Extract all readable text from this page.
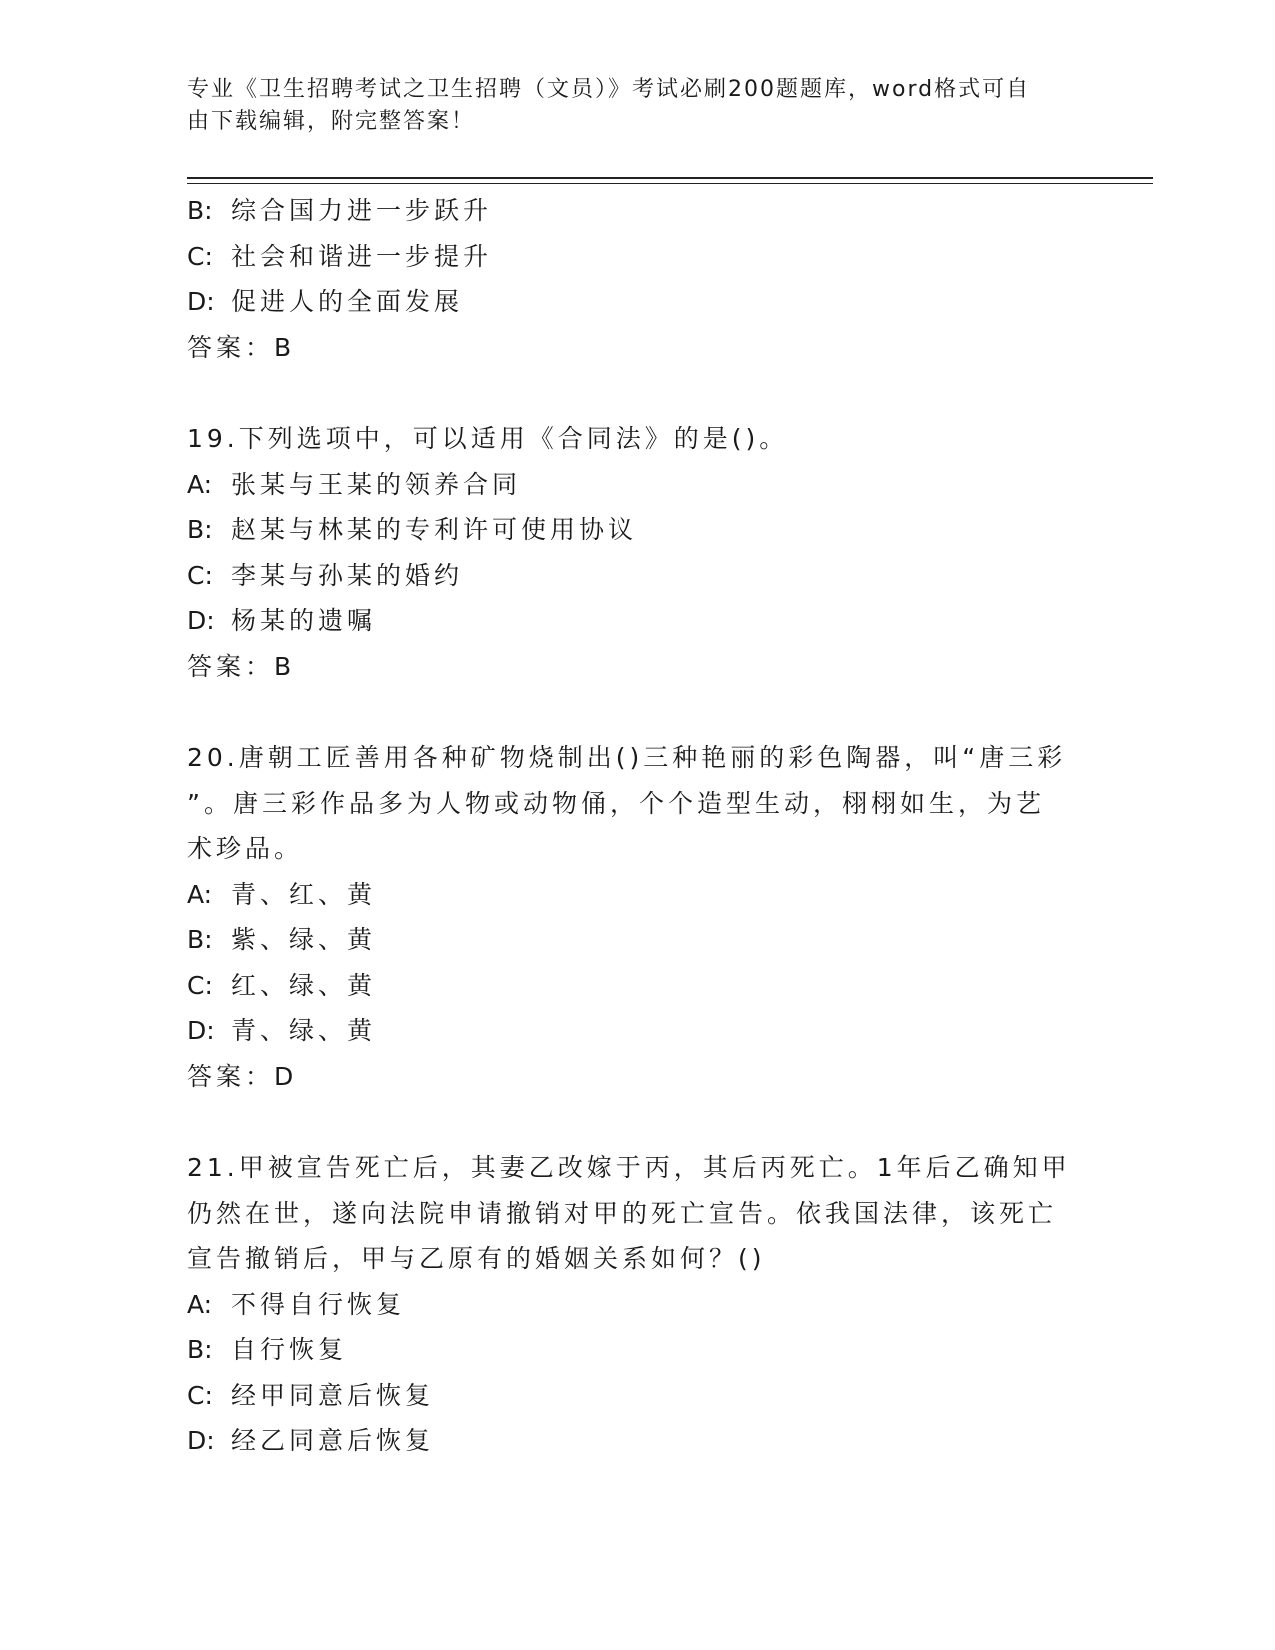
专业《卫生招聘考试之卫生招聘（文员）》考试必刷200题题库，word格式可自
由下载编辑，附完整答案！
B: 综合国力进一步跃升
C: 社会和谐进一步提升
D: 促进人的全面发展
答案：B
19.下列选项中，可以适用《合同法》的是()。
A: 张某与王某的领养合同
B: 赵某与林某的专利许可使用协议
C: 李某与孙某的婚约
D: 杨某的遗嘱
答案：B
20.唐朝工匠善用各种矿物烧制出()三种艳丽的彩色陶器，叫“唐三彩
”。唐三彩作品多为人物或动物俑，个个造型生动，栩栩如生，为艺
术珍品。
A: 青、红、黄
B: 紫、绿、黄
C: 红、绿、黄
D: 青、绿、黄
答案：D
21.甲被宣告死亡后，其妻乙改嫁于丙，其后丙死亡。1年后乙确知甲
仍然在世，遂向法院申请撤销对甲的死亡宣告。依我国法律，该死亡
宣告撤销后，甲与乙原有的婚姻关系如何？()
A: 不得自行恢复
B: 自行恢复
C: 经甲同意后恢复
D: 经乙同意后恢复
